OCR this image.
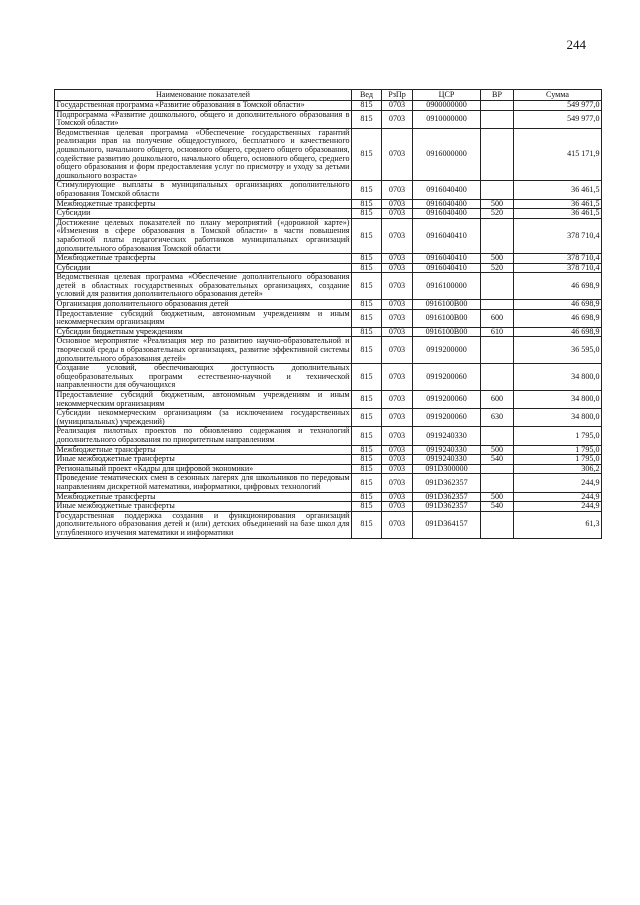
244
Наименование показателей	Вед	РзПр	ЦСР	ВР	Сумма
Государственная программа «Развитие образования в Томской области»	815	0703	0900000000		549 977,0
Подпрограмма «Развитие дошкольного, общего и дополнительного образования в Томской области»	815	0703	0910000000		549 977,0
Ведомственная целевая программа «Обеспечение государственных гарантий реализации прав на получение общедоступного, бесплатного и качественного дошкольного, начального общего, основного общего, среднего общего образования, содействие развитию дошкольного, начального общего, основного общего, среднего общего образования и форм предоставления услуг по присмотру и уходу за детьми дошкольного возраста»	815	0703	0916000000		415 171,9
Стимулирующие выплаты в муниципальных организациях дополнительного образования Томской области	815	0703	0916040400		36 461,5
Межбюджетные трансферты	815	0703	0916040400	500	36 461,5
Субсидии	815	0703	0916040400	520	36 461,5
Достижение целевых показателей по плану мероприятий («дорожной карте») «Изменения в сфере образования в Томской области» в части повышения заработной платы педагогических работников муниципальных организаций дополнительного образования Томской области	815	0703	0916040410		378 710,4
Межбюджетные трансферты	815	0703	0916040410	500	378 710,4
Субсидии	815	0703	0916040410	520	378 710,4
Ведомственная целевая программа «Обеспечение дополнительного образования детей в областных государственных образовательных организациях, создание условий для развития дополнительного образования детей»	815	0703	0916100000		46 698,9
Организация дополнительного образования детей	815	0703	0916100В00		46 698,9
Предоставление субсидий бюджетным, автономным учреждениям и иным некоммерческим организациям	815	0703	0916100В00	600	46 698,9
Субсидии бюджетным учреждениям	815	0703	0916100В00	610	46 698,9
Основное мероприятие «Реализация мер по развитию научно-образовательной и творческой среды в образовательных организациях, развитие эффективной системы дополнительного образования детей»	815	0703	0919200000		36 595,0
Создание условий, обеспечивающих доступность дополнительных общеобразовательных программ естественно-научной и технической направленности для обучающихся	815	0703	0919200060		34 800,0
Предоставление субсидий бюджетным, автономным учреждениям и иным некоммерческим организациям	815	0703	0919200060	600	34 800,0
Субсидии некоммерческим организациям (за исключением государственных (муниципальных) учреждений)	815	0703	0919200060	630	34 800,0
Реализация пилотных проектов по обновлению содержания и технологий дополнительного образования по приоритетным направлениям	815	0703	0919240330		1 795,0
Межбюджетные трансферты	815	0703	0919240330	500	1 795,0
Иные межбюджетные трансферты	815	0703	0919240330	540	1 795,0
Региональный проект «Кадры для цифровой экономики»	815	0703	091D300000		306,2
Проведение тематических смен в сезонных лагерях для школьников по передовым направлениям дискретной математики, информатики, цифровых технологий	815	0703	091D362357		244,9
Межбюджетные трансферты	815	0703	091D362357	500	244,9
Иные межбюджетные трансферты	815	0703	091D362357	540	244,9
Государственная поддержка создания и функционирования организаций дополнительного образования детей и (или) детских объединений на базе школ для углубленного изучения математики и информатики	815	0703	091D364157		61,3
